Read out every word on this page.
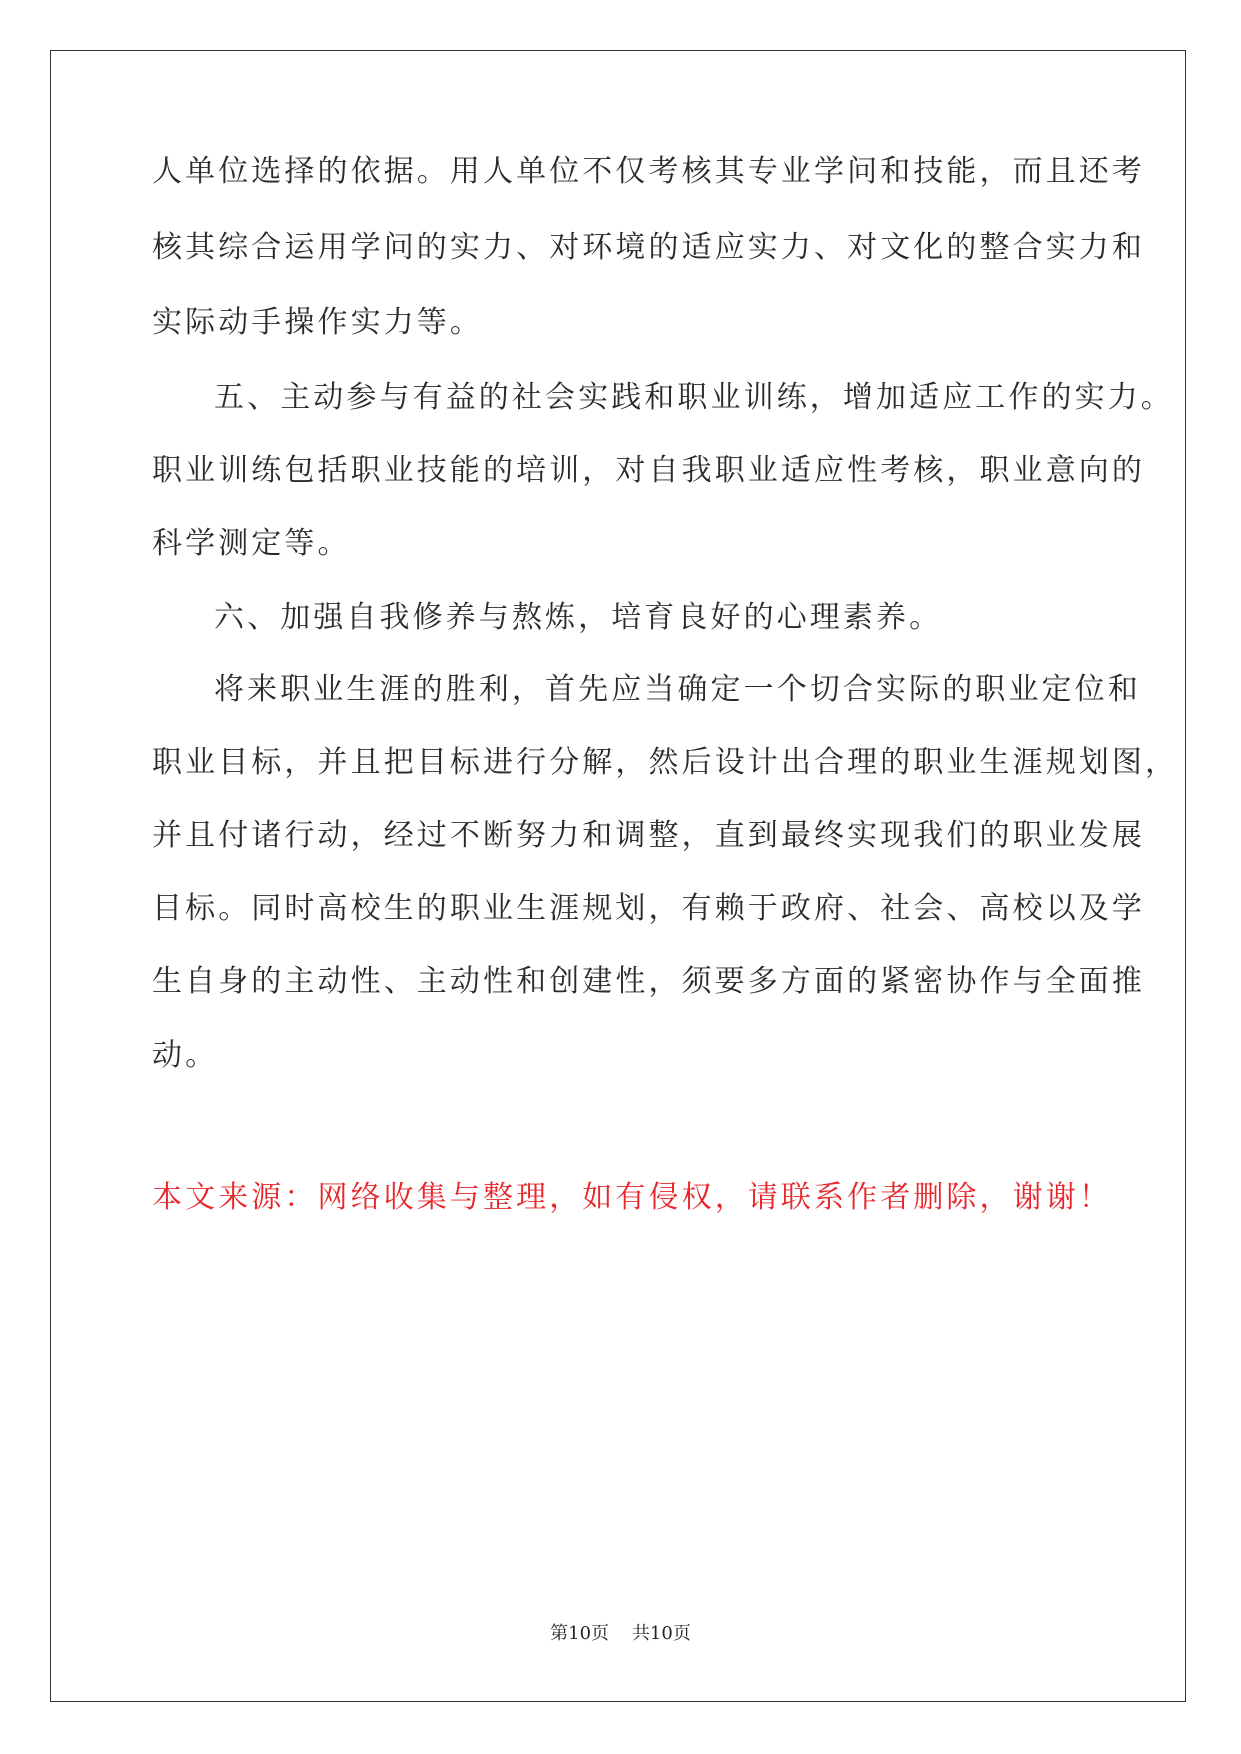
人单位选择的依据。用人单位不仅考核其专业学问和技能，而且还考
核其综合运用学问的实力、对环境的适应实力、对文化的整合实力和
实际动手操作实力等。
五、主动参与有益的社会实践和职业训练，增加适应工作的实力。
职业训练包括职业技能的培训，对自我职业适应性考核，职业意向的
科学测定等。
六、加强自我修养与熬炼，培育良好的心理素养。
将来职业生涯的胜利，首先应当确定一个切合实际的职业定位和
职业目标，并且把目标进行分解，然后设计出合理的职业生涯规划图，
并且付诸行动，经过不断努力和调整，直到最终实现我们的职业发展
目标。同时高校生的职业生涯规划，有赖于政府、社会、高校以及学
生自身的主动性、主动性和创建性，须要多方面的紧密协作与全面推
动。
本文来源：网络收集与整理，如有侵权，请联系作者删除，谢谢！
第10页 共10页
